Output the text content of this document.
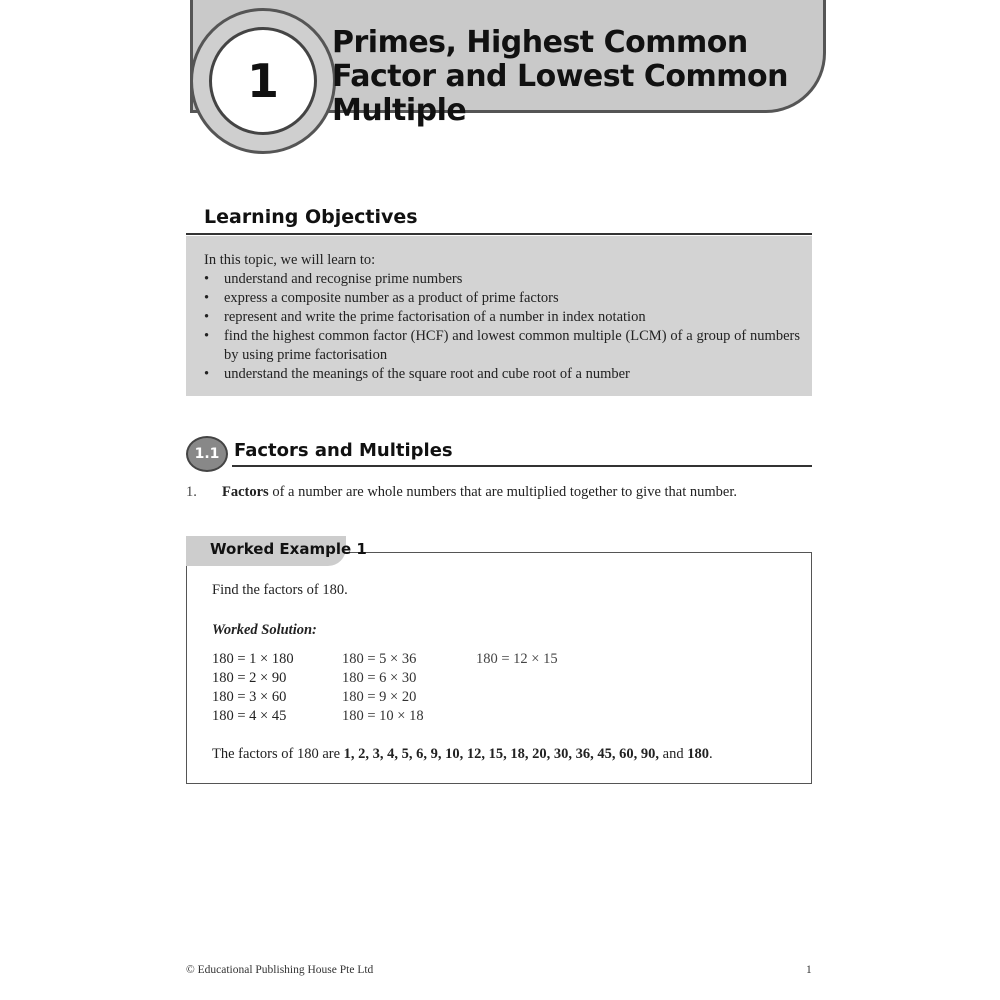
1
Primes, Highest Common Factor and Lowest Common Multiple
Learning Objectives
In this topic, we will learn to:
• understand and recognise prime numbers
• express a composite number as a product of prime factors
• represent and write the prime factorisation of a number in index notation
• find the highest common factor (HCF) and lowest common multiple (LCM) of a group of numbers by using prime factorisation
• understand the meanings of the square root and cube root of a number
1.1 Factors and Multiples
1. Factors of a number are whole numbers that are multiplied together to give that number.
Worked Example 1
Find the factors of 180.
Worked Solution:
180 = 1 × 180
180 = 2 × 90
180 = 3 × 60
180 = 4 × 45
180 = 5 × 36
180 = 6 × 30
180 = 9 × 20
180 = 10 × 18
180 = 12 × 15
The factors of 180 are 1, 2, 3, 4, 5, 6, 9, 10, 12, 15, 18, 20, 30, 36, 45, 60, 90, and 180.
© Educational Publishing House Pte Ltd	1
